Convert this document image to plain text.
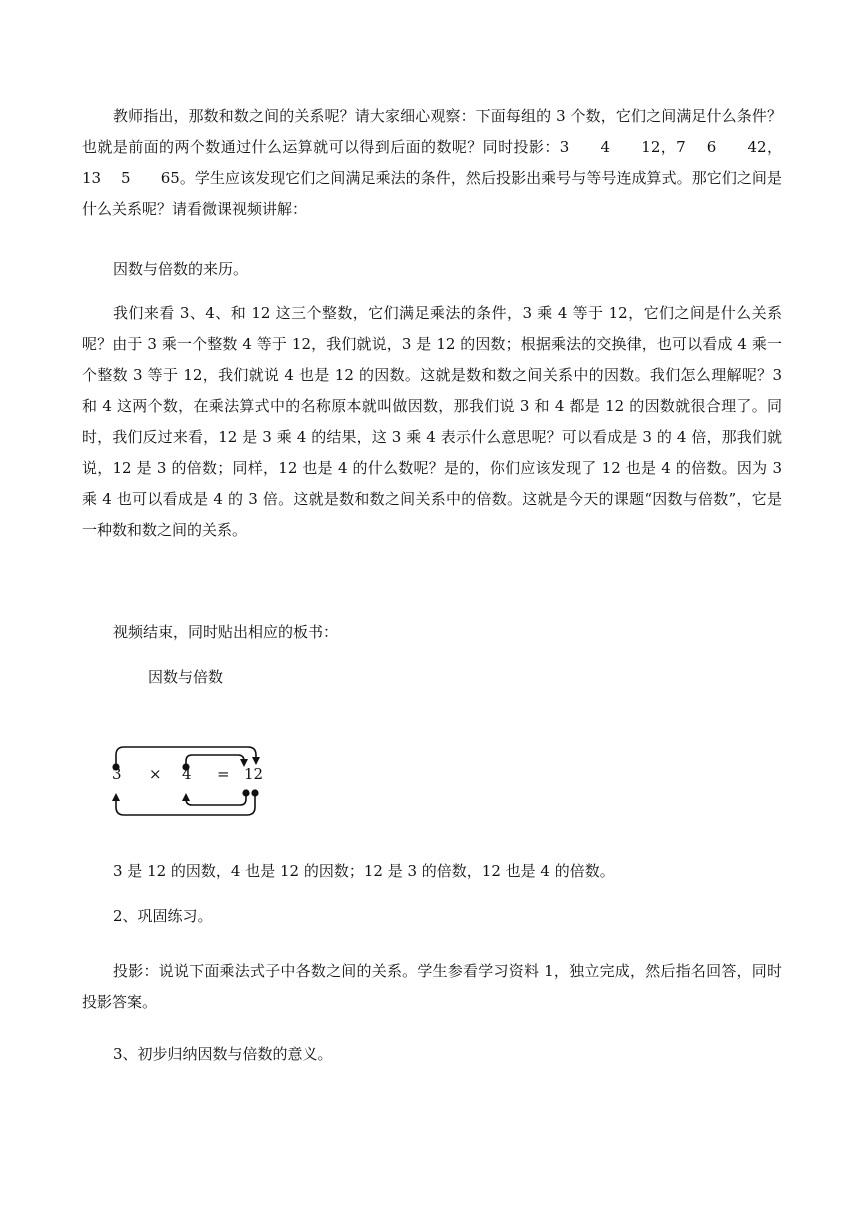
教师指出，那数和数之间的关系呢？请大家细心观察：下面每组的 3 个数，它们之间满足什么条件？也就是前面的两个数通过什么运算就可以得到后面的数呢？同时投影：3　　4　　12，7　 6　　42，13　 5　　65。学生应该发现它们之间满足乘法的条件，然后投影出乘号与等号连成算式。那它们之间是什么关系呢？请看微课视频讲解：

因数与倍数的来历。

我们来看 3、4、和 12 这三个整数，它们满足乘法的条件，3 乘 4 等于 12，它们之间是什么关系呢？由于 3 乘一个整数 4 等于 12，我们就说，3 是 12 的因数；根据乘法的交换律，也可以看成 4 乘一个整数 3 等于 12，我们就说 4 也是 12 的因数。这就是数和数之间关系中的因数。我们怎么理解呢？3 和 4 这两个数，在乘法算式中的名称原本就叫做因数，那我们说 3 和 4 都是 12 的因数就很合理了。同时，我们反过来看，12 是 3 乘 4 的结果，这 3 乘 4 表示什么意思呢？可以看成是 3 的 4 倍，那我们就说，12 是 3 的倍数；同样，12 也是 4 的什么数呢？是的，你们应该发现了 12 也是 4 的倍数。因为 3 乘 4 也可以看成是 4 的 3 倍。这就是数和数之间关系中的倍数。这就是今天的课题“因数与倍数”，它是一种数和数之间的关系。

视频结束，同时贴出相应的板书：

因数与倍数

3 × 4 = 12

3 是 12 的因数，4 也是 12 的因数；12 是 3 的倍数，12 也是 4 的倍数。

2、巩固练习。

投影：说说下面乘法式子中各数之间的关系。学生参看学习资料 1，独立完成，然后指名回答，同时投影答案。

3、初步归纳因数与倍数的意义。
